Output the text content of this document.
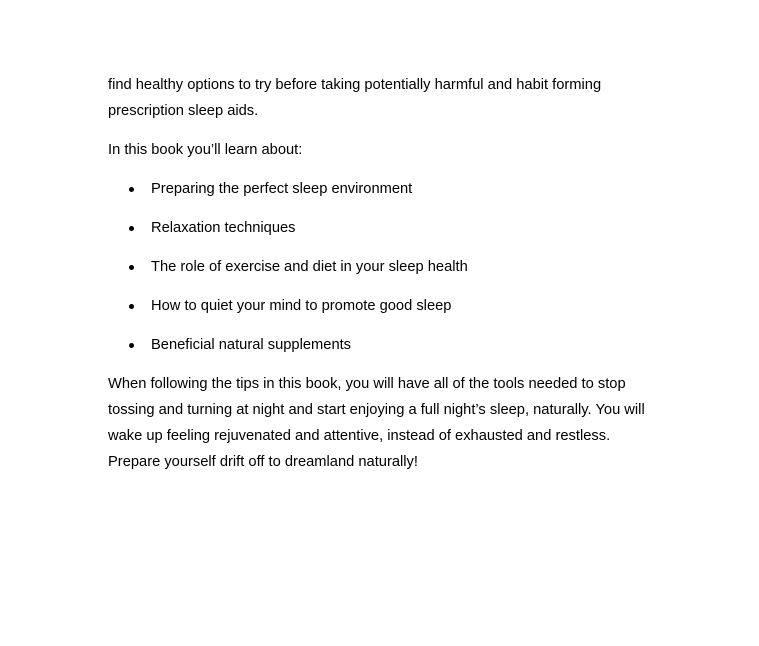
find healthy options to try before taking potentially harmful and habit forming prescription sleep aids.

In this book you’ll learn about:

Preparing the perfect sleep environment
Relaxation techniques
The role of exercise and diet in your sleep health
How to quiet your mind to promote good sleep
Beneficial natural supplements

When following the tips in this book, you will have all of the tools needed to stop tossing and turning at night and start enjoying a full night’s sleep, naturally. You will wake up feeling rejuvenated and attentive, instead of exhausted and restless. Prepare yourself drift off to dreamland naturally!
